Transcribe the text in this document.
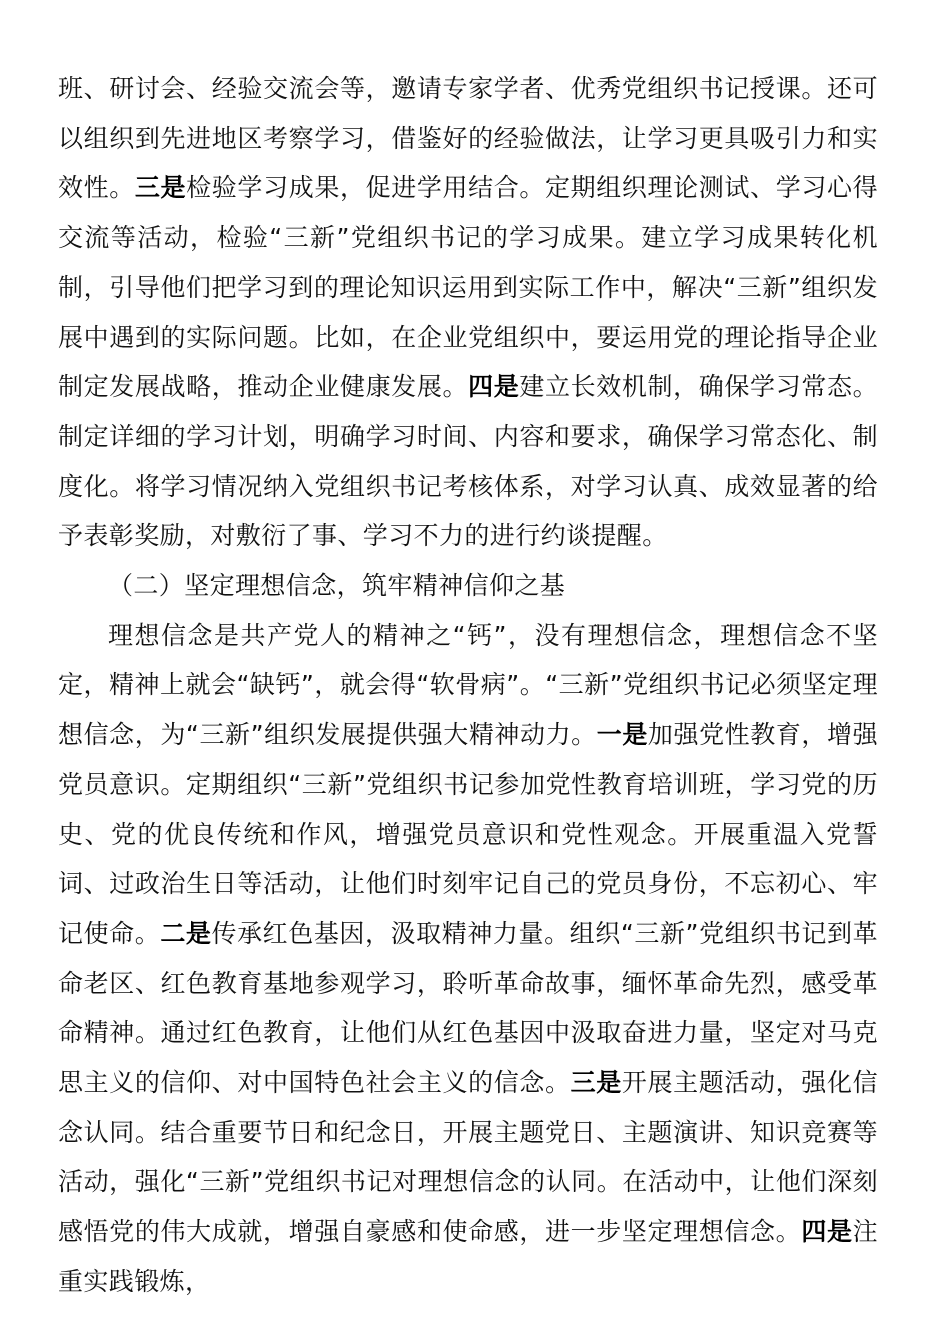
班、研讨会、经验交流会等，邀请专家学者、优秀党组织书记授课。还可以组织到先进地区考察学习，借鉴好的经验做法，让学习更具吸引力和实效性。三是检验学习成果，促进学用结合。定期组织理论测试、学习心得交流等活动，检验“三新”党组织书记的学习成果。建立学习成果转化机制，引导他们把学习到的理论知识运用到实际工作中，解决“三新”组织发展中遇到的实际问题。比如，在企业党组织中，要运用党的理论指导企业制定发展战略，推动企业健康发展。四是建立长效机制，确保学习常态。制定详细的学习计划，明确学习时间、内容和要求，确保学习常态化、制度化。将学习情况纳入党组织书记考核体系，对学习认真、成效显著的给予表彰奖励，对敷衍了事、学习不力的进行约谈提醒。

（二）坚定理想信念，筑牢精神信仰之基

理想信念是共产党人的精神之“钙”，没有理想信念，理想信念不坚定，精神上就会“缺钙”，就会得“软骨病”。“三新”党组织书记必须坚定理想信念，为“三新”组织发展提供强大精神动力。一是加强党性教育，增强党员意识。定期组织“三新”党组织书记参加党性教育培训班，学习党的历史、党的优良传统和作风，增强党员意识和党性观念。开展重温入党誓词、过政治生日等活动，让他们时刻牢记自己的党员身份，不忘初心、牢记使命。二是传承红色基因，汲取精神力量。组织“三新”党组织书记到革命老区、红色教育基地参观学习，聆听革命故事，缅怀革命先烈，感受革命精神。通过红色教育，让他们从红色基因中汲取奋进力量，坚定对马克思主义的信仰、对中国特色社会主义的信念。三是开展主题活动，强化信念认同。结合重要节日和纪念日，开展主题党日、主题演讲、知识竞赛等活动，强化“三新”党组织书记对理想信念的认同。在活动中，让他们深刻感悟党的伟大成就，增强自豪感和使命感，进一步坚定理想信念。四是注重实践锻炼，
